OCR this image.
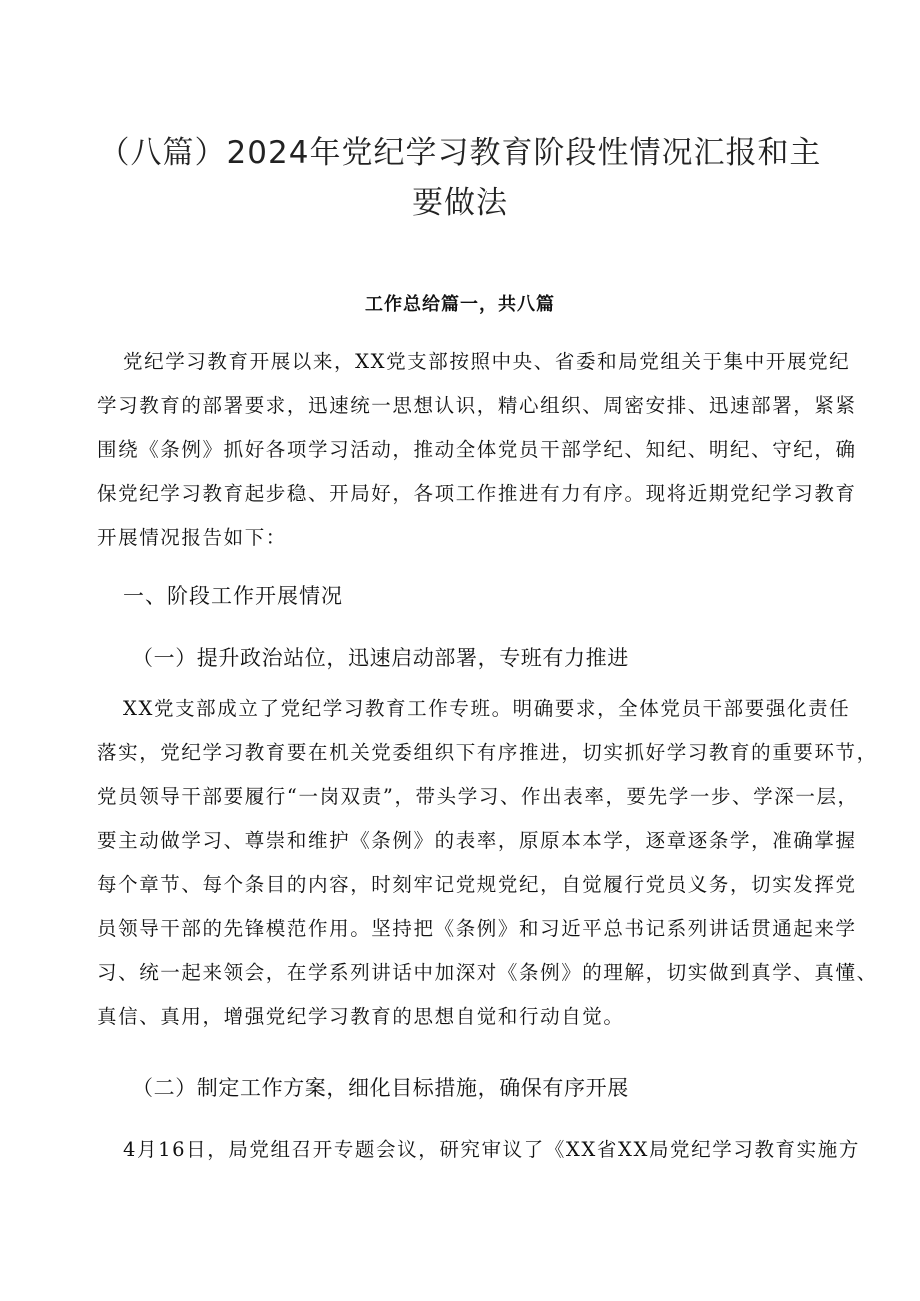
（八篇）2024年党纪学习教育阶段性情况汇报和主
要做法
工作总给篇一，共八篇
党纪学习教育开展以来，XX党支部按照中央、省委和局党组关于集中开展党纪
学习教育的部署要求，迅速统一思想认识，精心组织、周密安排、迅速部署，紧紧
围绕《条例》抓好各项学习活动，推动全体党员干部学纪、知纪、明纪、守纪，确
保党纪学习教育起步稳、开局好，各项工作推进有力有序。现将近期党纪学习教育
开展情况报告如下：
一、阶段工作开展情况
（一）提升政治站位，迅速启动部署，专班有力推进
XX党支部成立了党纪学习教育工作专班。明确要求，全体党员干部要强化责任
落实，党纪学习教育要在机关党委组织下有序推进，切实抓好学习教育的重要环节，
党员领导干部要履行“一岗双责”，带头学习、作出表率，要先学一步、学深一层，
要主动做学习、尊崇和维护《条例》的表率，原原本本学，逐章逐条学，准确掌握
每个章节、每个条目的内容，时刻牢记党规党纪，自觉履行党员义务，切实发挥党
员领导干部的先锋模范作用。坚持把《条例》和习近平总书记系列讲话贯通起来学
习、统一起来领会，在学系列讲话中加深对《条例》的理解，切实做到真学、真懂、
真信、真用，增强党纪学习教育的思想自觉和行动自觉。
（二）制定工作方案，细化目标措施，确保有序开展
4月16日，局党组召开专题会议，研究审议了《XX省XX局党纪学习教育实施方
